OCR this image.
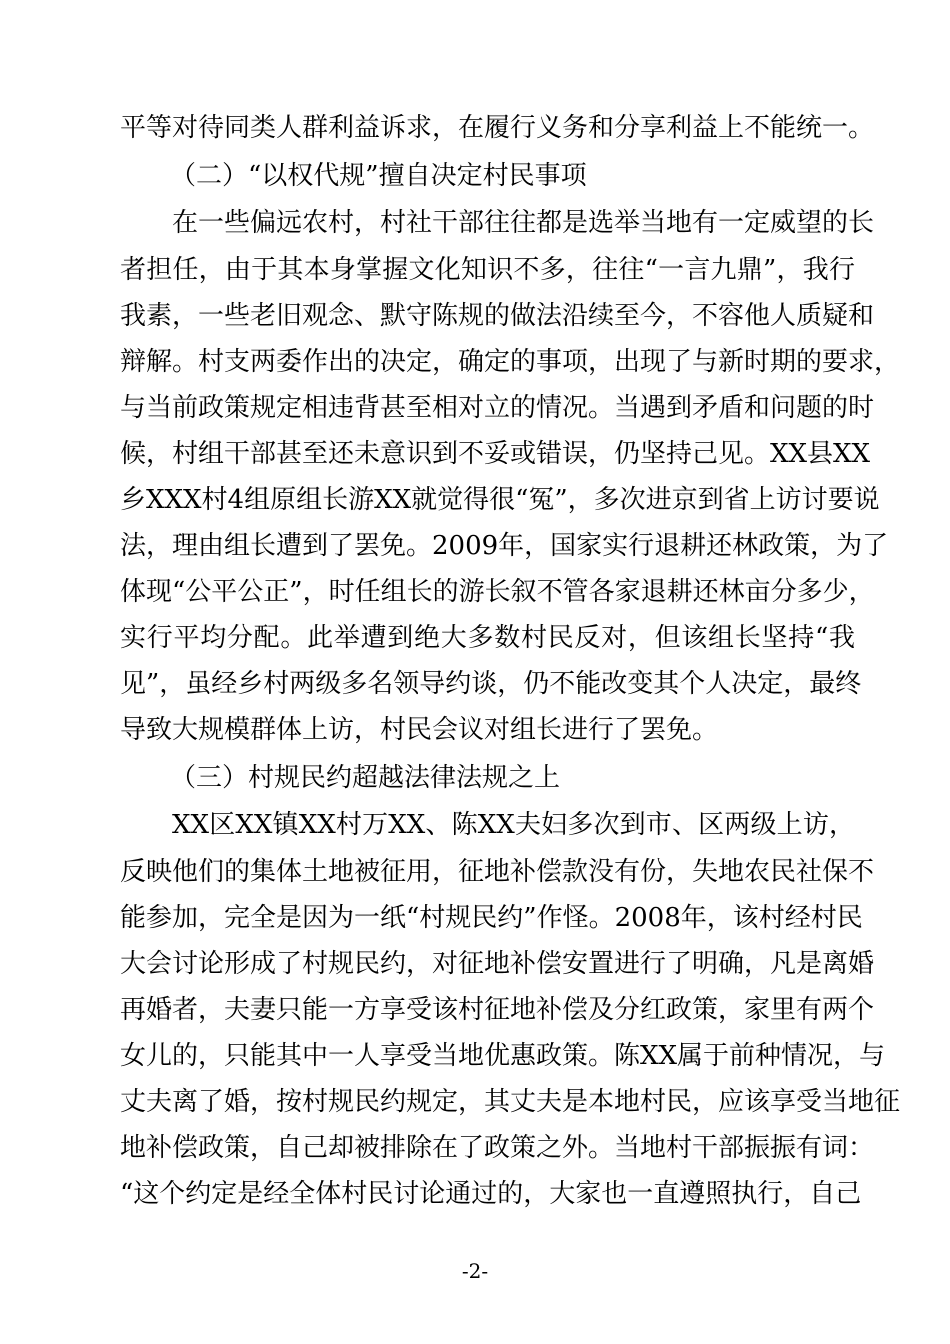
平等对待同类人群利益诉求，在履行义务和分享利益上不能统一。
（二）“以权代规”擅自决定村民事项
在一些偏远农村，村社干部往往都是选举当地有一定威望的长
者担任，由于其本身掌握文化知识不多，往往“一言九鼎”，我行
我素，一些老旧观念、默守陈规的做法沿续至今，不容他人质疑和
辩解。村支两委作出的决定，确定的事项，出现了与新时期的要求，
与当前政策规定相违背甚至相对立的情况。当遇到矛盾和问题的时
候，村组干部甚至还未意识到不妥或错误，仍坚持己见。XX县XX
乡XXX村4组原组长游XX就觉得很“冤”，多次进京到省上访讨要说
法，理由组长遭到了罢免。2009年，国家实行退耕还林政策，为了
体现“公平公正”，时任组长的游长叙不管各家退耕还林亩分多少，
实行平均分配。此举遭到绝大多数村民反对，但该组长坚持“我
见”，虽经乡村两级多名领导约谈，仍不能改变其个人决定，最终
导致大规模群体上访，村民会议对组长进行了罢免。
（三）村规民约超越法律法规之上
XX区XX镇XX村万XX、陈XX夫妇多次到市、区两级上访，
反映他们的集体土地被征用，征地补偿款没有份，失地农民社保不
能参加，完全是因为一纸“村规民约”作怪。2008年，该村经村民
大会讨论形成了村规民约，对征地补偿安置进行了明确，凡是离婚
再婚者，夫妻只能一方享受该村征地补偿及分红政策，家里有两个
女儿的，只能其中一人享受当地优惠政策。陈XX属于前种情况，与
丈夫离了婚，按村规民约规定，其丈夫是本地村民，应该享受当地征
地补偿政策，自己却被排除在了政策之外。当地村干部振振有词：
“这个约定是经全体村民讨论通过的，大家也一直遵照执行，自己
-2-
